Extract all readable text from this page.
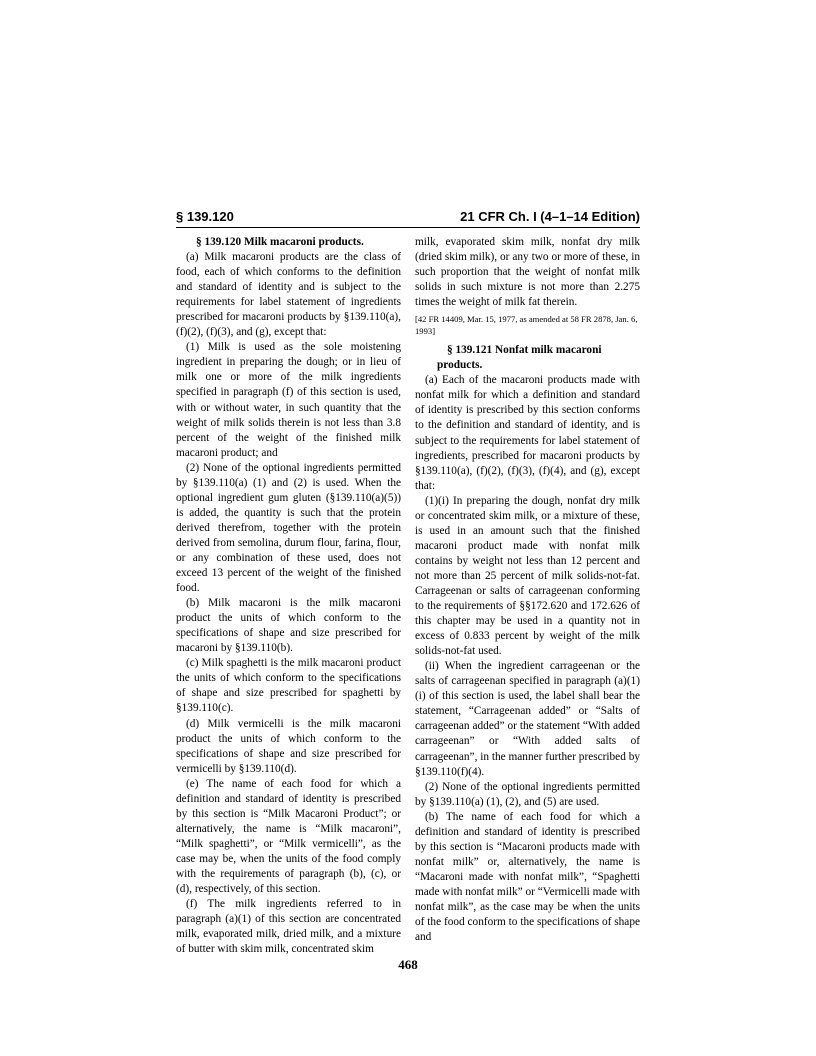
§ 139.120	21 CFR Ch. I (4–1–14 Edition)

§ 139.120 Milk macaroni products.

(a) Milk macaroni products are the class of food, each of which conforms to the definition and standard of identity and is subject to the requirements for label statement of ingredients prescribed for macaroni products by §139.110(a), (f)(2), (f)(3), and (g), except that:

(1) Milk is used as the sole moistening ingredient in preparing the dough; or in lieu of milk one or more of the milk ingredients specified in paragraph (f) of this section is used, with or without water, in such quantity that the weight of milk solids therein is not less than 3.8 percent of the weight of the finished milk macaroni product; and

(2) None of the optional ingredients permitted by §139.110(a) (1) and (2) is used. When the optional ingredient gum gluten (§139.110(a)(5)) is added, the quantity is such that the protein derived therefrom, together with the protein derived from semolina, durum flour, farina, flour, or any combination of these used, does not exceed 13 percent of the weight of the finished food.

(b) Milk macaroni is the milk macaroni product the units of which conform to the specifications of shape and size prescribed for macaroni by §139.110(b).

(c) Milk spaghetti is the milk macaroni product the units of which conform to the specifications of shape and size prescribed for spaghetti by §139.110(c).

(d) Milk vermicelli is the milk macaroni product the units of which conform to the specifications of shape and size prescribed for vermicelli by §139.110(d).

(e) The name of each food for which a definition and standard of identity is prescribed by this section is “Milk Macaroni Product”; or alternatively, the name is “Milk macaroni”, “Milk spaghetti”, or “Milk vermicelli”, as the case may be, when the units of the food comply with the requirements of paragraph (b), (c), or (d), respectively, of this section.

(f) The milk ingredients referred to in paragraph (a)(1) of this section are concentrated milk, evaporated milk, dried milk, and a mixture of butter with skim milk, concentrated skim

milk, evaporated skim milk, nonfat dry milk (dried skim milk), or any two or more of these, in such proportion that the weight of nonfat milk solids in such mixture is not more than 2.275 times the weight of milk fat therein.

[42 FR 14409, Mar. 15, 1977, as amended at 58 FR 2878, Jan. 6, 1993]

§ 139.121 Nonfat milk macaroni products.

(a) Each of the macaroni products made with nonfat milk for which a definition and standard of identity is prescribed by this section conforms to the definition and standard of identity, and is subject to the requirements for label statement of ingredients, prescribed for macaroni products by §139.110(a), (f)(2), (f)(3), (f)(4), and (g), except that:

(1)(i) In preparing the dough, nonfat dry milk or concentrated skim milk, or a mixture of these, is used in an amount such that the finished macaroni product made with nonfat milk contains by weight not less than 12 percent and not more than 25 percent of milk solids-not-fat. Carrageenan or salts of carrageenan conforming to the requirements of §§172.620 and 172.626 of this chapter may be used in a quantity not in excess of 0.833 percent by weight of the milk solids-not-fat used.

(ii) When the ingredient carrageenan or the salts of carrageenan specified in paragraph (a)(1)(i) of this section is used, the label shall bear the statement, “Carrageenan added” or “Salts of carrageenan added” or the statement “With added carrageenan” or “With added salts of carrageenan”, in the manner further prescribed by §139.110(f)(4).

(2) None of the optional ingredients permitted by §139.110(a) (1), (2), and (5) are used.

(b) The name of each food for which a definition and standard of identity is prescribed by this section is “Macaroni products made with nonfat milk” or, alternatively, the name is “Macaroni made with nonfat milk”, “Spaghetti made with nonfat milk” or “Vermicelli made with nonfat milk”, as the case may be when the units of the food conform to the specifications of shape and

468
